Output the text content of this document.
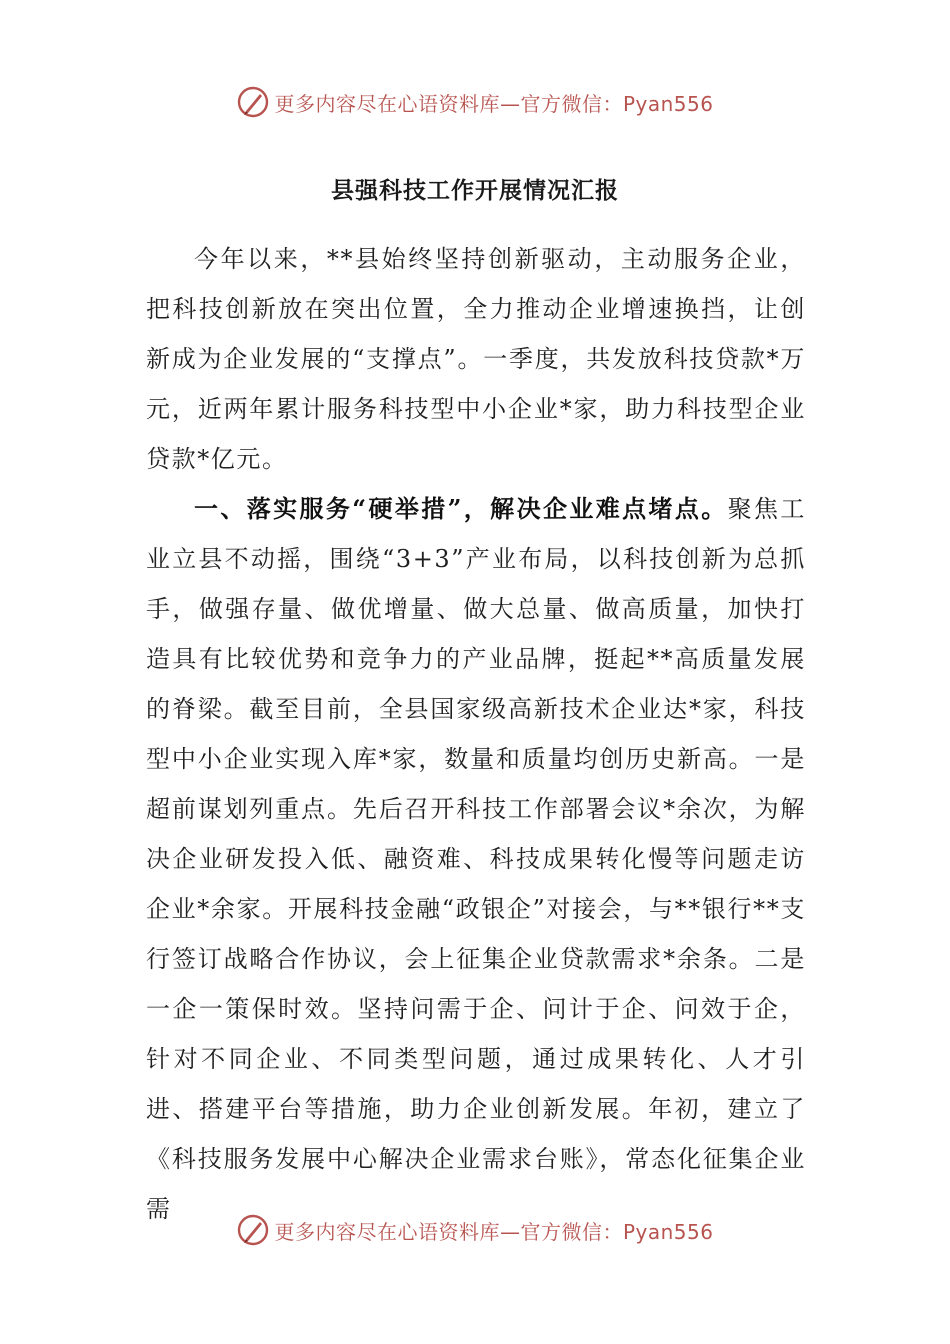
更多内容尽在心语资料库—官方微信：Pyan556
县强科技工作开展情况汇报

今年以来，**县始终坚持创新驱动，主动服务企业，把科技创新放在突出位置，全力推动企业增速换挡，让创新成为企业发展的“支撑点”。一季度，共发放科技贷款*万元，近两年累计服务科技型中小企业*家，助力科技型企业贷款*亿元。

一、落实服务“硬举措”，解决企业难点堵点。聚焦工业立县不动摇，围绕“3+3”产业布局，以科技创新为总抓手，做强存量、做优增量、做大总量、做高质量，加快打造具有比较优势和竞争力的产业品牌，挺起**高质量发展的脊梁。截至目前，全县国家级高新技术企业达*家，科技型中小企业实现入库*家，数量和质量均创历史新高。一是超前谋划列重点。先后召开科技工作部署会议*余次，为解决企业研发投入低、融资难、科技成果转化慢等问题走访企业*余家。开展科技金融“政银企”对接会，与**银行**支行签订战略合作协议，会上征集企业贷款需求*余条。二是一企一策保时效。坚持问需于企、问计于企、问效于企，针对不同企业、不同类型问题，通过成果转化、人才引进、搭建平台等措施，助力企业创新发展。年初，建立了《科技服务发展中心解决企业需求台账》，常态化征集企业需

更多内容尽在心语资料库—官方微信：Pyan556
